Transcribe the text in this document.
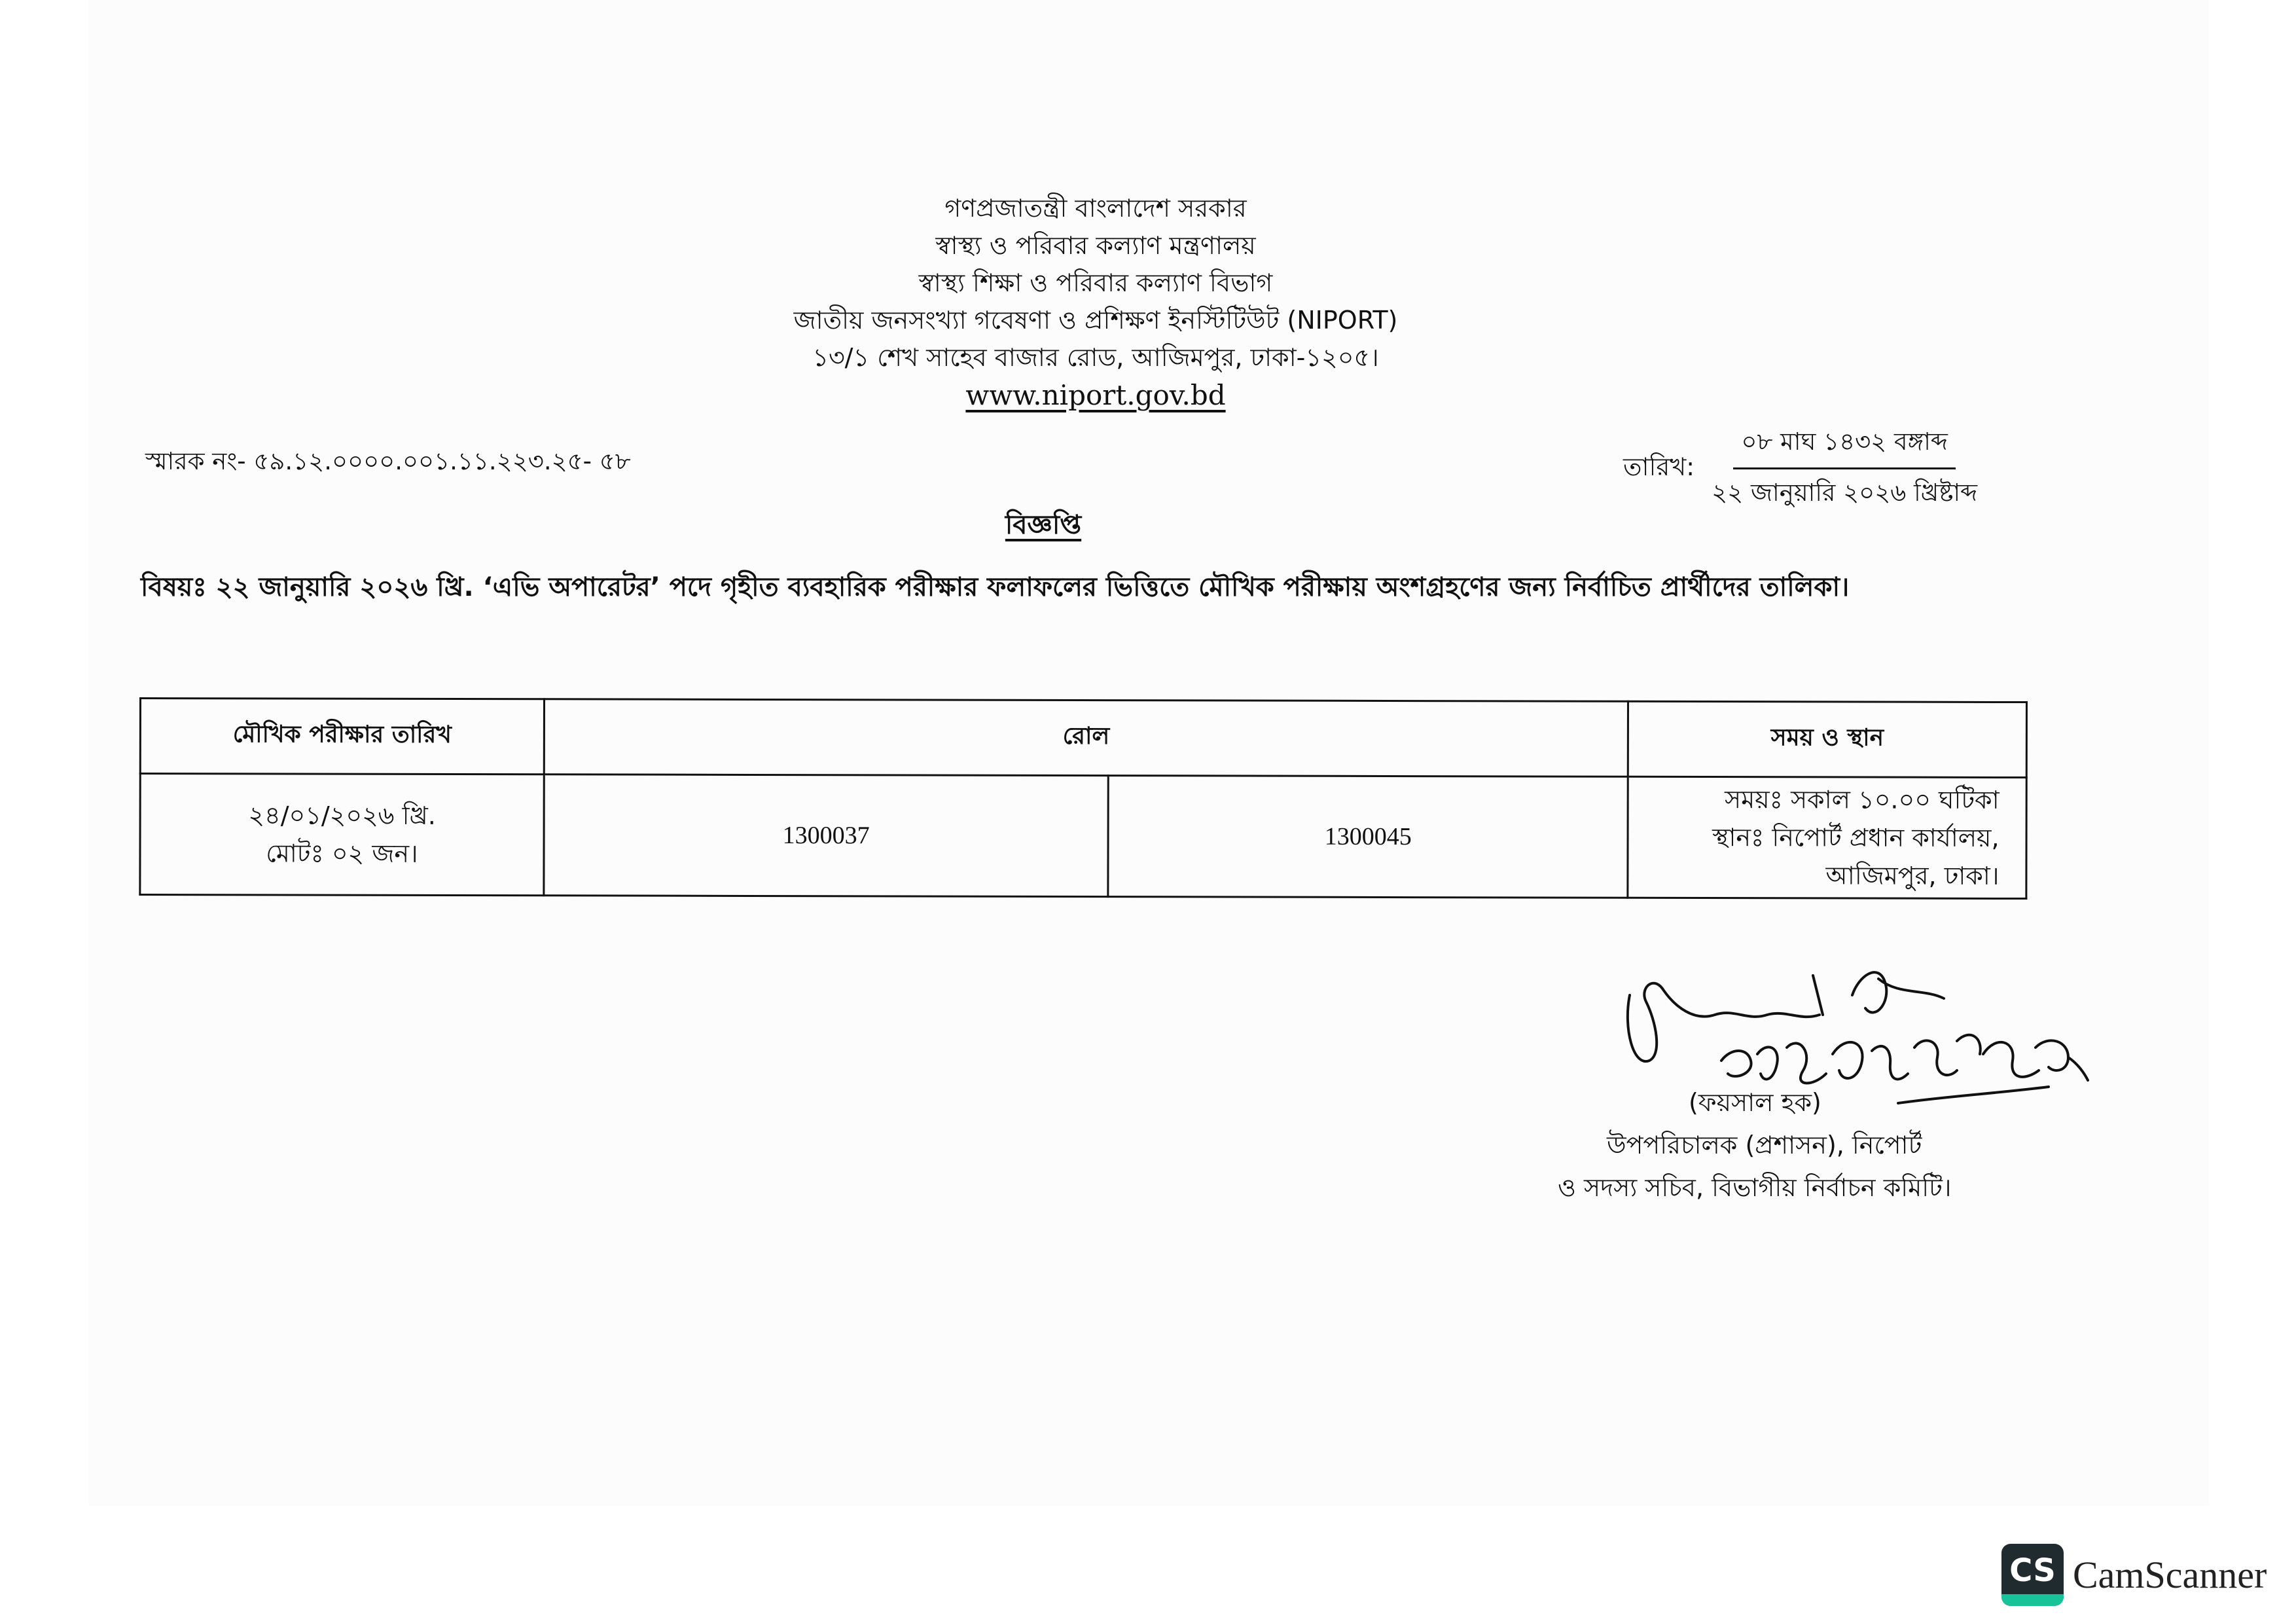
গণপ্রজাতন্ত্রী বাংলাদেশ সরকার
স্বাস্থ্য ও পরিবার কল্যাণ মন্ত্রণালয়
স্বাস্থ্য শিক্ষা ও পরিবার কল্যাণ বিভাগ
জাতীয় জনসংখ্যা গবেষণা ও প্রশিক্ষণ ইনস্টিটিউট (NIPORT)
১৩/১ শেখ সাহেব বাজার রোড, আজিমপুর, ঢাকা-১২০৫।
www.niport.gov.bd
স্মারক নং- ৫৯.১২.০০০০.০০১.১১.২২৩.২৫- ৫৮	তারিখ: $\frac{\text{০৮ মাঘ ১৪৩২ বঙ্গাব্দ}}{\text{২২ জানুয়ারি ২০২৬ খ্রিষ্টাব্দ}}$
বিজ্ঞপ্তি
বিষয়ঃ ২২ জানুয়ারি ২০২৬ খ্রি. ‘এভি অপারেটর’ পদে গৃহীত ব্যবহারিক পরীক্ষার ফলাফলের ভিত্তিতে মৌখিক পরীক্ষায় অংশগ্রহণের জন্য নির্বাচিত প্রার্থীদের তালিকা।
মৌখিক পরীক্ষার তারিখ	রোল		সময় ও স্থান

২৪/০১/২০২৬ খ্রি.
মোটঃ ০২ জন।	1300037	1300045	সময়ঃ সকাল ১০.০০ ঘটিকা
স্থানঃ নিপোর্ট প্রধান কার্যালয়,
আজিমপুর, ঢাকা।
(ফয়সাল হক)
উপপরিচালক (প্রশাসন), নিপোর্ট
ও সদস্য সচিব, বিভাগীয় নির্বাচন কমিটি।
CS CamScanner
